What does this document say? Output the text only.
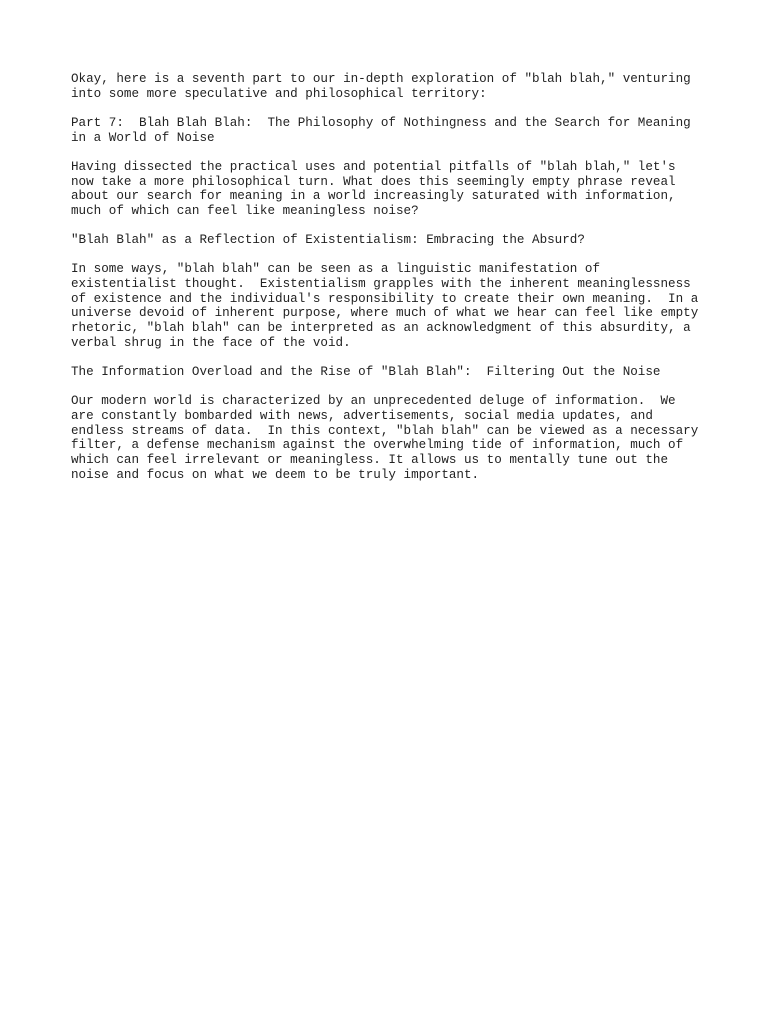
Okay, here is a seventh part to our in-depth exploration of "blah blah," venturing
into some more speculative and philosophical territory:

Part 7:  Blah Blah Blah:  The Philosophy of Nothingness and the Search for Meaning
in a World of Noise

Having dissected the practical uses and potential pitfalls of "blah blah," let's
now take a more philosophical turn. What does this seemingly empty phrase reveal
about our search for meaning in a world increasingly saturated with information,
much of which can feel like meaningless noise?

"Blah Blah" as a Reflection of Existentialism: Embracing the Absurd?

In some ways, "blah blah" can be seen as a linguistic manifestation of
existentialist thought.  Existentialism grapples with the inherent meaninglessness
of existence and the individual's responsibility to create their own meaning.  In a
universe devoid of inherent purpose, where much of what we hear can feel like empty
rhetoric, "blah blah" can be interpreted as an acknowledgment of this absurdity, a
verbal shrug in the face of the void.

The Information Overload and the Rise of "Blah Blah":  Filtering Out the Noise

Our modern world is characterized by an unprecedented deluge of information.  We
are constantly bombarded with news, advertisements, social media updates, and
endless streams of data.  In this context, "blah blah" can be viewed as a necessary
filter, a defense mechanism against the overwhelming tide of information, much of
which can feel irrelevant or meaningless. It allows us to mentally tune out the
noise and focus on what we deem to be truly important.
